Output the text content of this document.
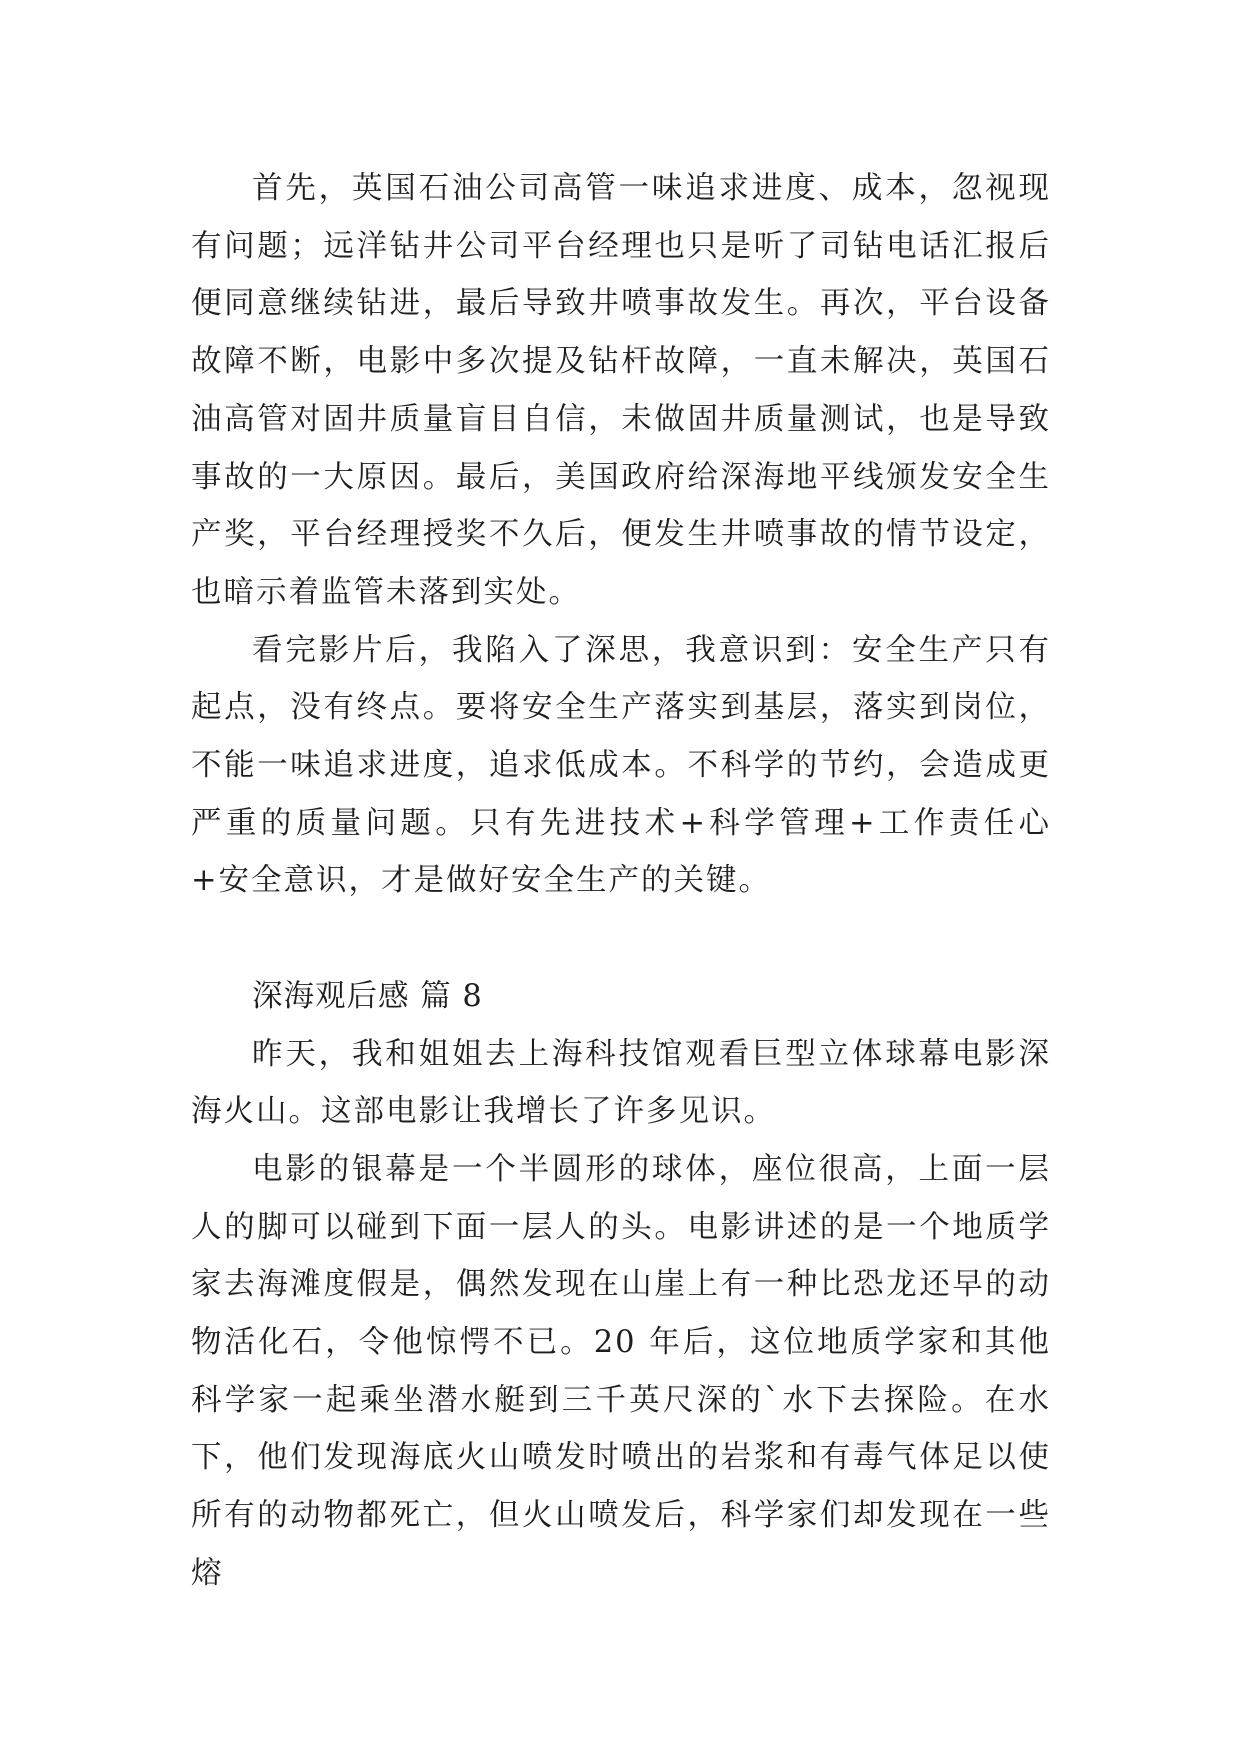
首先，英国石油公司高管一味追求进度、成本，忽视现有问题；远洋钻井公司平台经理也只是听了司钻电话汇报后便同意继续钻进，最后导致井喷事故发生。再次，平台设备故障不断，电影中多次提及钻杆故障，一直未解决，英国石油高管对固井质量盲目自信，未做固井质量测试，也是导致事故的一大原因。最后，美国政府给深海地平线颁发安全生产奖，平台经理授奖不久后，便发生井喷事故的情节设定，也暗示着监管未落到实处。

看完影片后，我陷入了深思，我意识到：安全生产只有起点，没有终点。要将安全生产落实到基层，落实到岗位，不能一味追求进度，追求低成本。不科学的节约，会造成更严重的质量问题。只有先进技术+科学管理+工作责任心+安全意识，才是做好安全生产的关键。

深海观后感 篇 8

昨天，我和姐姐去上海科技馆观看巨型立体球幕电影深海火山。这部电影让我增长了许多见识。

电影的银幕是一个半圆形的球体，座位很高，上面一层人的脚可以碰到下面一层人的头。电影讲述的是一个地质学家去海滩度假是，偶然发现在山崖上有一种比恐龙还早的动物活化石，令他惊愕不已。20 年后，这位地质学家和其他科学家一起乘坐潜水艇到三千英尺深的`水下去探险。在水下，他们发现海底火山喷发时喷出的岩浆和有毒气体足以使所有的动物都死亡，但火山喷发后，科学家们却发现在一些熔
